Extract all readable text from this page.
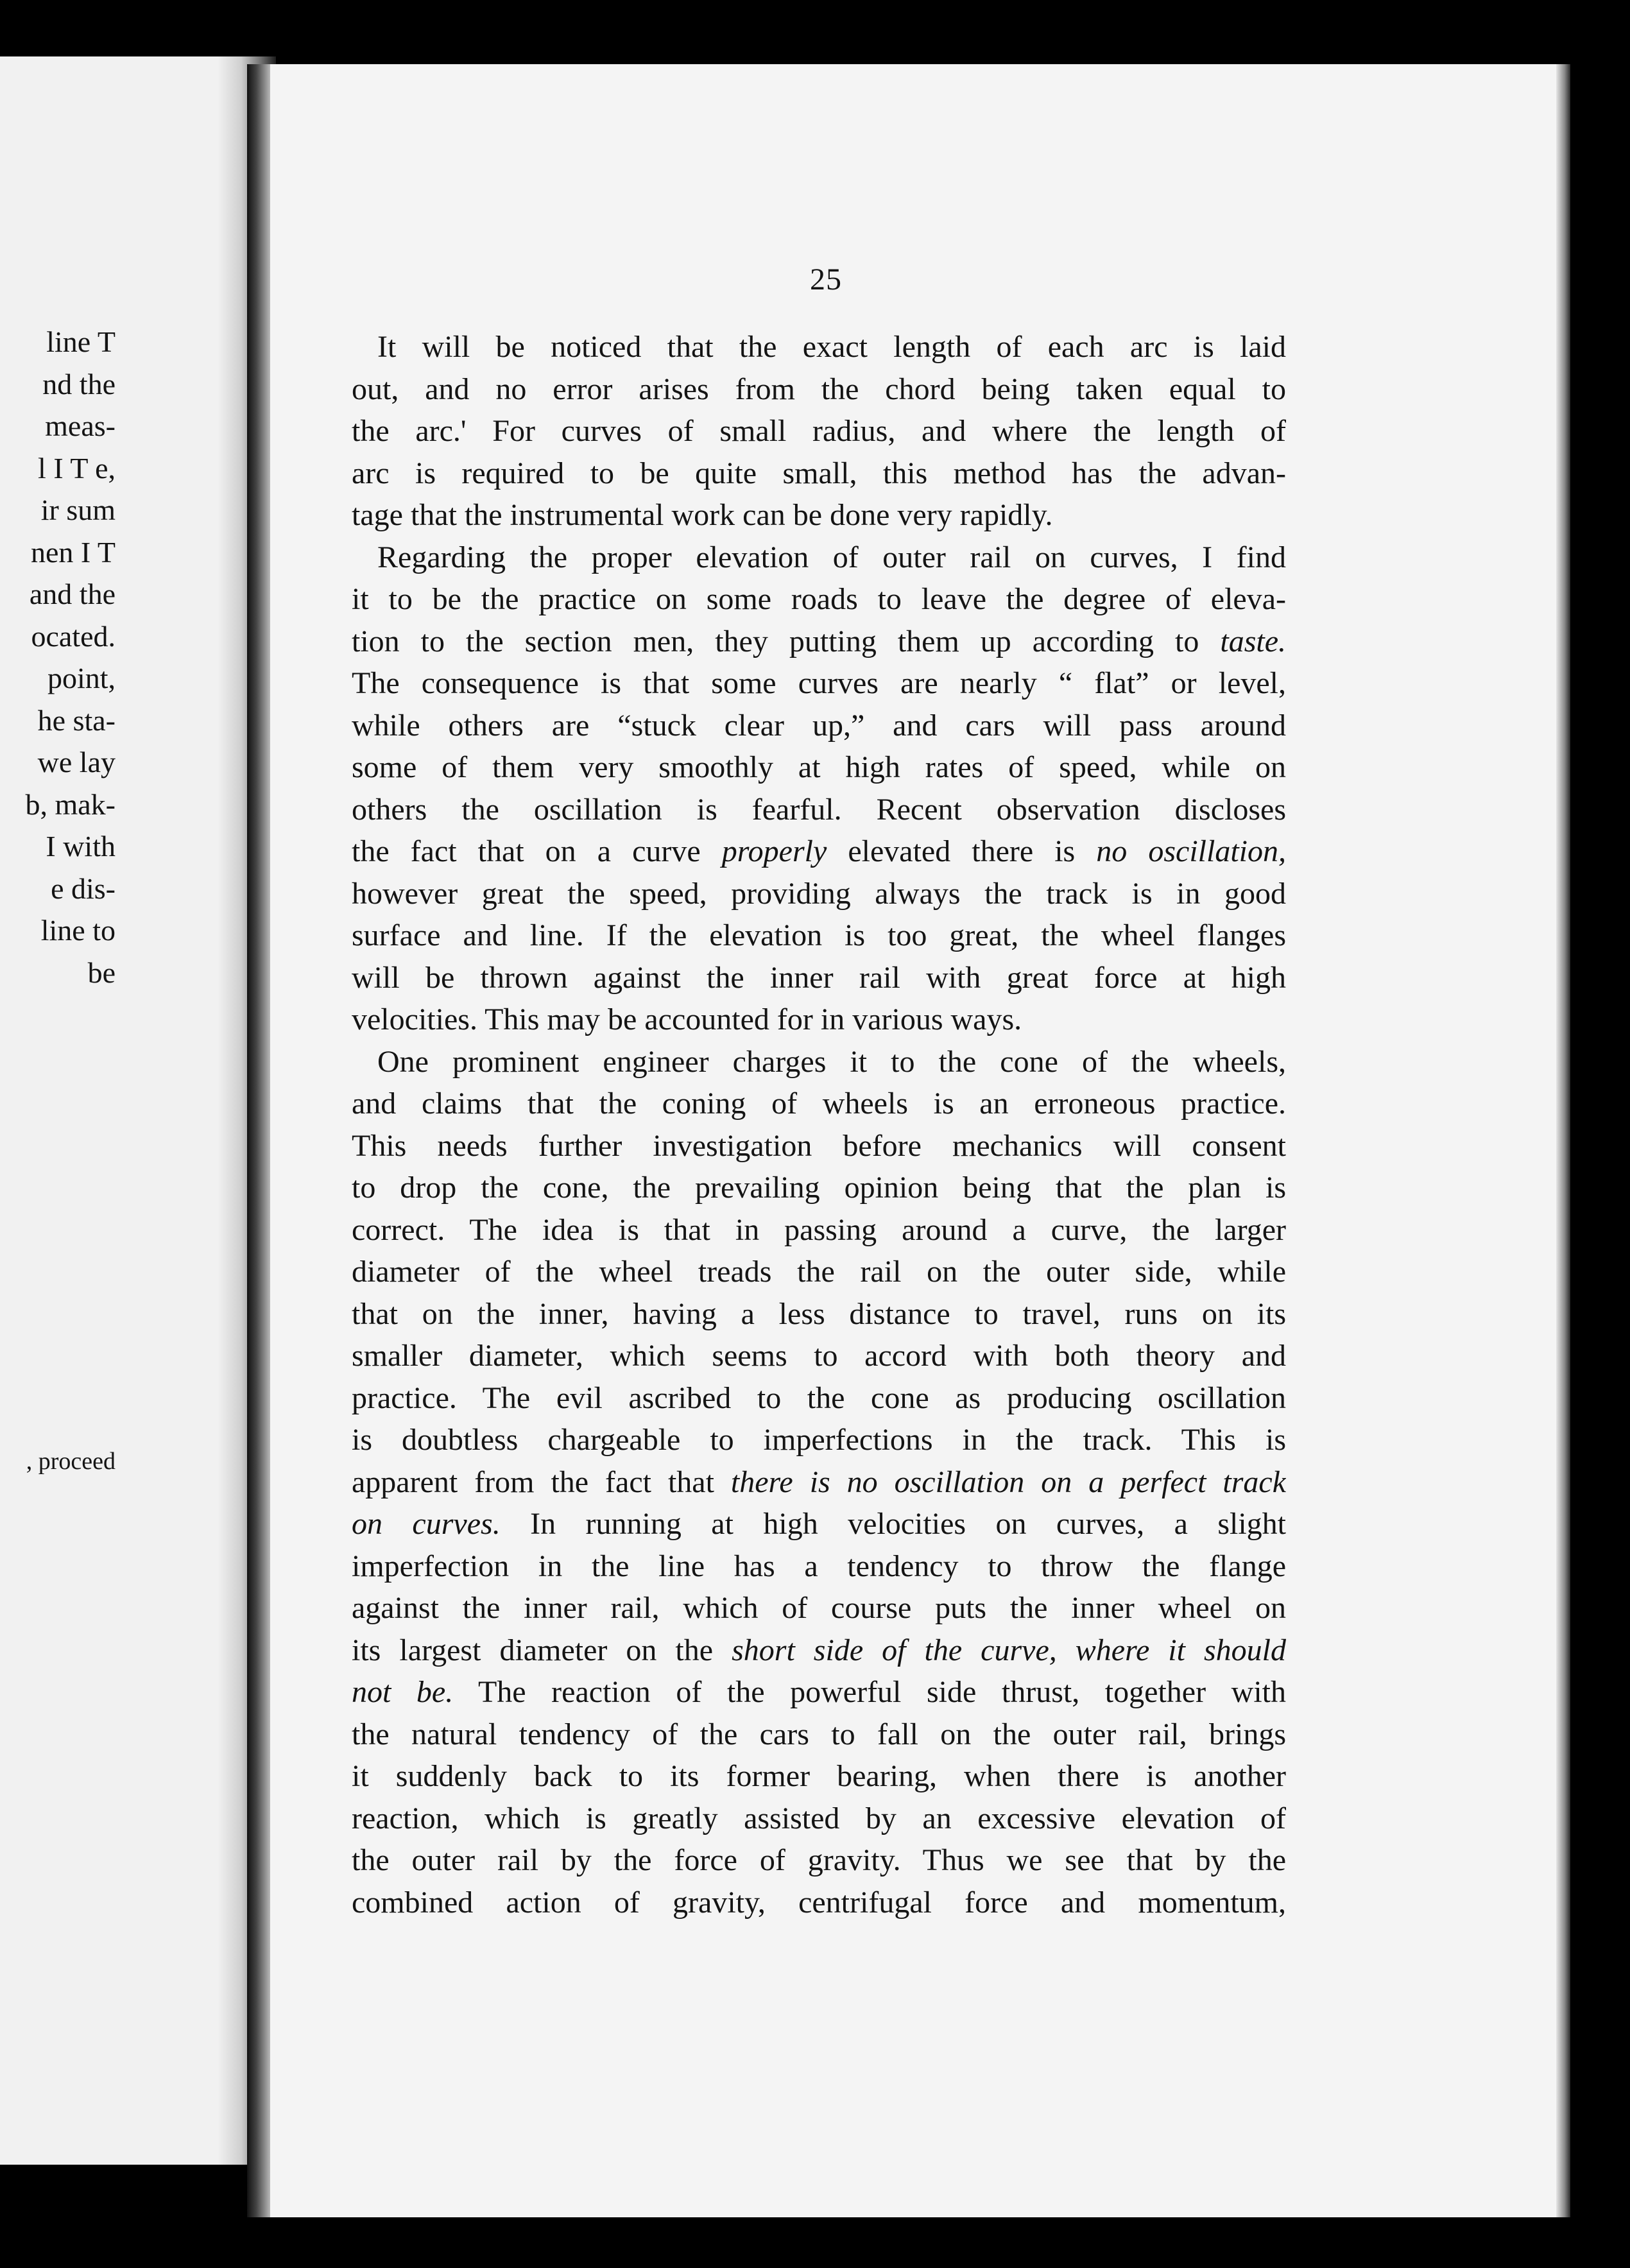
line T
nd the
meas-
l I T e,
ir sum
nen I T
and the
ocated.
point,
he sta-
we lay
b, mak-
I with
e dis-
line to
be
, proceed
25
It will be noticed that the exact length of each arc is laid
out, and no error arises from the chord being taken equal to
the arc.' For curves of small radius, and where the length of
arc is required to be quite small, this method has the advan-
tage that the instrumental work can be done very rapidly.
Regarding the proper elevation of outer rail on curves, I find
it to be the practice on some roads to leave the degree of eleva-
tion to the section men, they putting them up according to taste.
The consequence is that some curves are nearly “ flat” or level,
while others are “stuck clear up,” and cars will pass around
some of them very smoothly at high rates of speed, while on
others the oscillation is fearful. Recent observation discloses
the fact that on a curve properly elevated there is no oscillation,
however great the speed, providing always the track is in good
surface and line. If the elevation is too great, the wheel flanges
will be thrown against the inner rail with great force at high
velocities. This may be accounted for in various ways.
One prominent engineer charges it to the cone of the wheels,
and claims that the coning of wheels is an erroneous practice.
This needs further investigation before mechanics will consent
to drop the cone, the prevailing opinion being that the plan is
correct. The idea is that in passing around a curve, the larger
diameter of the wheel treads the rail on the outer side, while
that on the inner, having a less distance to travel, runs on its
smaller diameter, which seems to accord with both theory and
practice. The evil ascribed to the cone as producing oscillation
is doubtless chargeable to imperfections in the track. This is
apparent from the fact that there is no oscillation on a perfect track
on curves. In running at high velocities on curves, a slight
imperfection in the line has a tendency to throw the flange
against the inner rail, which of course puts the inner wheel on
its largest diameter on the short side of the curve, where it should
not be. The reaction of the powerful side thrust, together with
the natural tendency of the cars to fall on the outer rail, brings
it suddenly back to its former bearing, when there is another
reaction, which is greatly assisted by an excessive elevation of
the outer rail by the force of gravity. Thus we see that by the
combined action of gravity, centrifugal force and momentum,
